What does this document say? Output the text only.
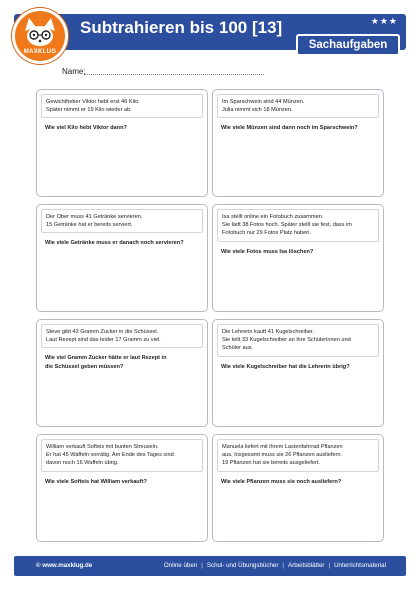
MAXKLUG
Subtrahieren bis 100 [13]	★★★
Sachaufgaben
Name:
Gewichtheber Viktor hebt erst 46 Kilo.
Später nimmt er 19 Kilo wieder ab.
Wie viel Kilo hebt Viktor dann?
Im Sparschwein sind 44 Münzen.
Julia nimmt sich 18 Münzen.
Wie viele Münzen sind dann noch im Sparschwein?
Der Ober muss 41 Getränke servieren.
15 Getränke hat er bereits serviert.
Wie viele Getränke muss er danach noch servieren?
Isa stellt online ein Fotobuch zusammen.
Sie lädt 38 Fotos hoch. Später stellt sie fest, dass im
Fotobuch nur 29 Fotos Platz haben.
Wie viele Fotos muss Isa löschen?
Steve gibt 43 Gramm Zucker in die Schüssel.
Laut Rezept sind das leider 17 Gramm zu viel.
Wie viel Gramm Zucker hätte er laut Rezept in
die Schüssel geben müssen?
Die Lehrerin kauft 41 Kugelschreiber.
Sie teilt 33 Kugelschreiber an ihre Schülerinnen und
Schüler aus.
Wie viele Kugelschreiber hat die Lehrerin übrig?
William verkauft Softeis mit bunten Streuseln.
Er hat 45 Waffeln vorrätig. Am Ende des Tages sind
davon noch 16 Waffeln übrig.
Wie viele Softeis hat William verkauft?
Manuela liefert mit ihrem Lastenfahrrad Pflanzen
aus. Insgesamt muss sie 26 Pflanzen ausliefern.
19 Pflanzen hat sie bereits ausgeliefert.
Wie viele Pflanzen muss sie noch ausliefern?
© www.maxklug.de	Online üben | Schul- und Übungsbücher | Arbeitsblätter | Unterrichtsmaterial
